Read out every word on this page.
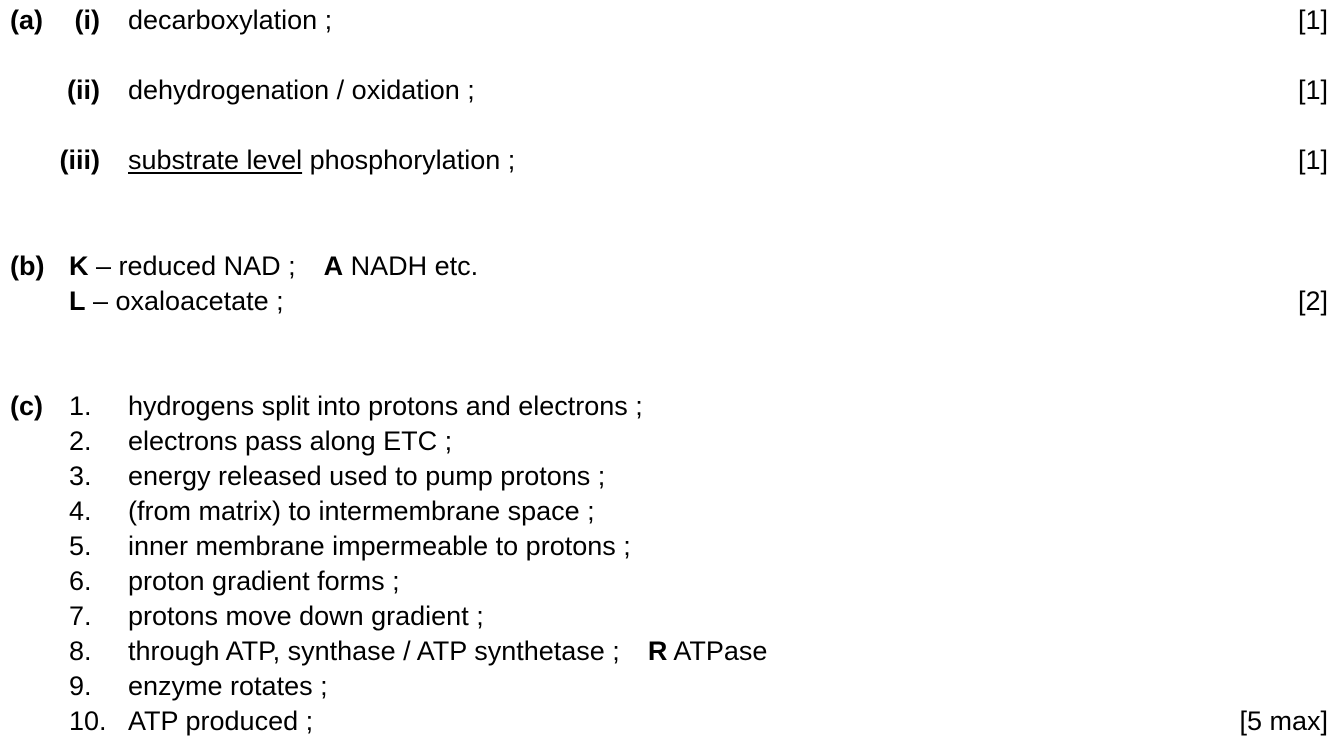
(a)	(i) decarboxylation ;	[1]
(ii) dehydrogenation / oxidation ;	[1]
(iii) substrate level phosphorylation ;	[1]
(b) K – reduced NAD ; A NADH etc.
L – oxaloacetate ;	[2]
(c) 1. hydrogens split into protons and electrons ;
2. electrons pass along ETC ;
3. energy released used to pump protons ;
4. (from matrix) to intermembrane space ;
5. inner membrane impermeable to protons ;
6. proton gradient forms ;
7. protons move down gradient ;
8. through ATP, synthase / ATP synthetase ; R ATPase
9. enzyme rotates ;
10. ATP produced ;	[5 max]
